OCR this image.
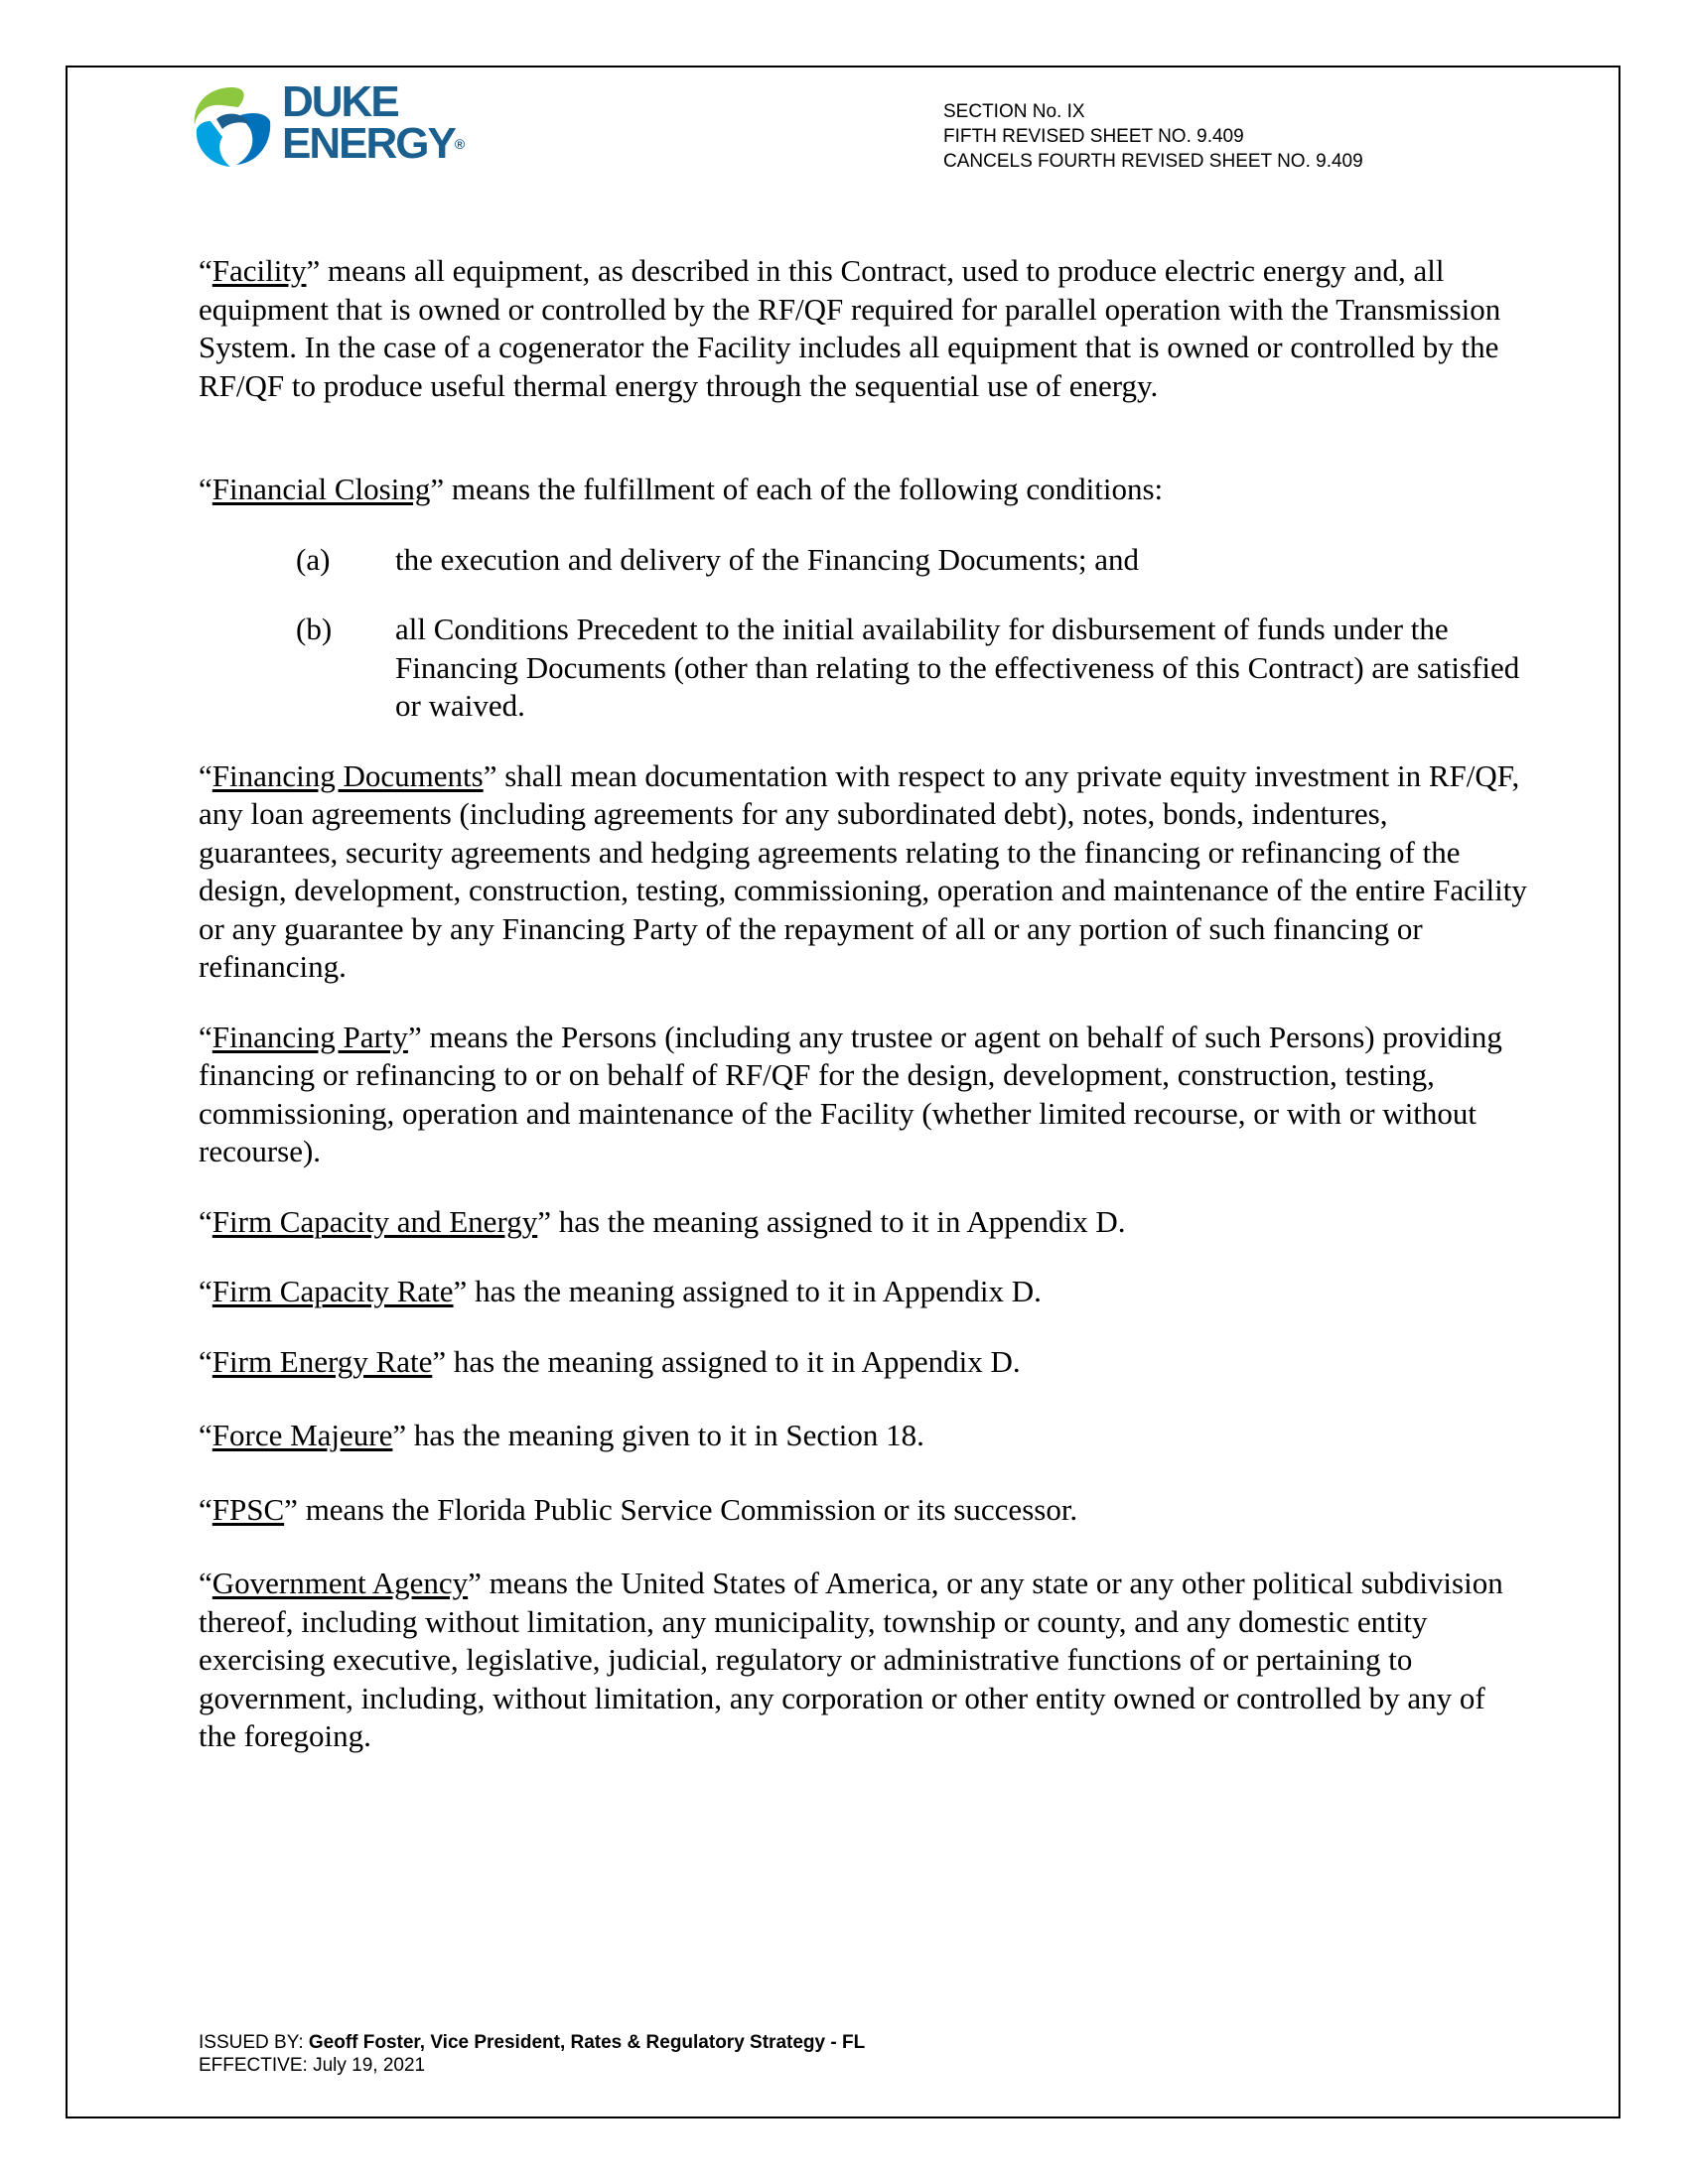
DUKE
ENERGY®
SECTION No. IX
FIFTH REVISED SHEET NO. 9.409
CANCELS FOURTH REVISED SHEET NO. 9.409

“Facility” means all equipment, as described in this Contract, used to produce electric energy and, all equipment that is owned or controlled by the RF/QF required for parallel operation with the Transmission System. In the case of a cogenerator the Facility includes all equipment that is owned or controlled by the RF/QF to produce useful thermal energy through the sequential use of energy.

“Financial Closing” means the fulfillment of each of the following conditions:

(a)	the execution and delivery of the Financing Documents; and
(b)	all Conditions Precedent to the initial availability for disbursement of funds under the Financing Documents (other than relating to the effectiveness of this Contract) are satisfied or waived.

“Financing Documents” shall mean documentation with respect to any private equity investment in RF/QF, any loan agreements (including agreements for any subordinated debt), notes, bonds, indentures, guarantees, security agreements and hedging agreements relating to the financing or refinancing of the design, development, construction, testing, commissioning, operation and maintenance of the entire Facility or any guarantee by any Financing Party of the repayment of all or any portion of such financing or refinancing.

“Financing Party” means the Persons (including any trustee or agent on behalf of such Persons) providing financing or refinancing to or on behalf of RF/QF for the design, development, construction, testing, commissioning, operation and maintenance of the Facility (whether limited recourse, or with or without recourse).

“Firm Capacity and Energy” has the meaning assigned to it in Appendix D.

“Firm Capacity Rate” has the meaning assigned to it in Appendix D.

“Firm Energy Rate” has the meaning assigned to it in Appendix D.

“Force Majeure” has the meaning given to it in Section 18.

“FPSC” means the Florida Public Service Commission or its successor.

“Government Agency” means the United States of America, or any state or any other political subdivision thereof, including without limitation, any municipality, township or county, and any domestic entity exercising executive, legislative, judicial, regulatory or administrative functions of or pertaining to government, including, without limitation, any corporation or other entity owned or controlled by any of the foregoing.

ISSUED BY: Geoff Foster, Vice President, Rates & Regulatory Strategy - FL
EFFECTIVE: July 19, 2021
